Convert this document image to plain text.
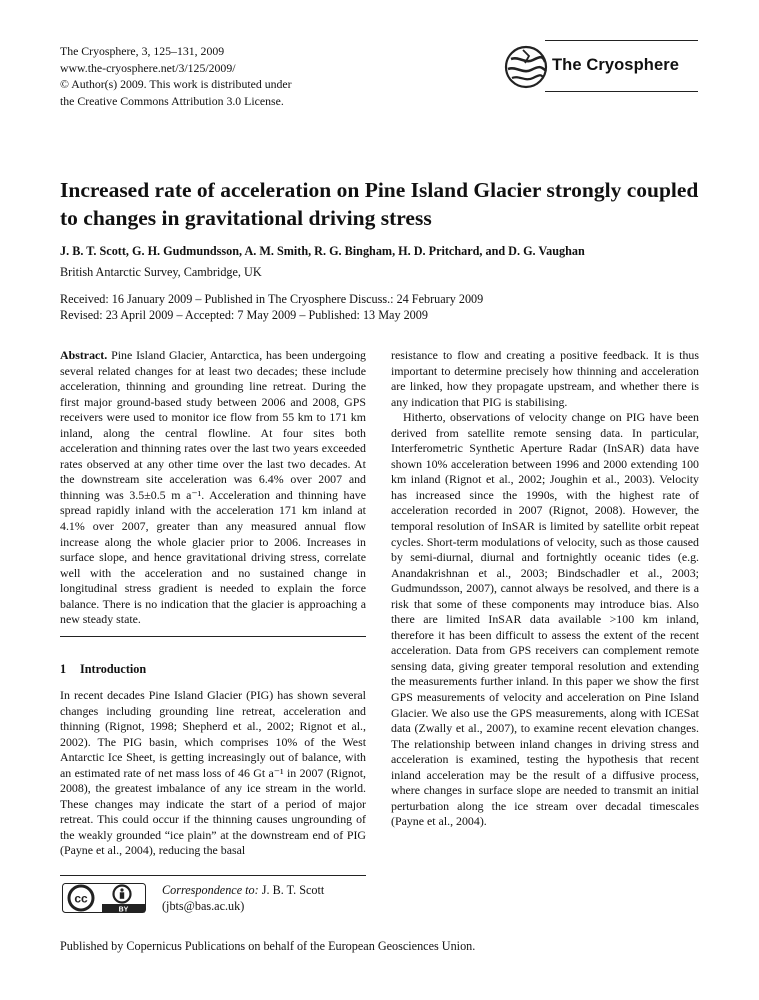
The Cryosphere, 3, 125–131, 2009
www.the-cryosphere.net/3/125/2009/
© Author(s) 2009. This work is distributed under
the Creative Commons Attribution 3.0 License.
The Cryosphere
Increased rate of acceleration on Pine Island Glacier strongly coupled to changes in gravitational driving stress
J. B. T. Scott, G. H. Gudmundsson, A. M. Smith, R. G. Bingham, H. D. Pritchard, and D. G. Vaughan
British Antarctic Survey, Cambridge, UK
Received: 16 January 2009 – Published in The Cryosphere Discuss.: 24 February 2009
Revised: 23 April 2009 – Accepted: 7 May 2009 – Published: 13 May 2009

Abstract. Pine Island Glacier, Antarctica, has been undergoing several related changes for at least two decades; these include acceleration, thinning and grounding line retreat. During the first major ground-based study between 2006 and 2008, GPS receivers were used to monitor ice flow from 55 km to 171 km inland, along the central flowline. At four sites both acceleration and thinning rates over the last two years exceeded rates observed at any other time over the last two decades. At the downstream site acceleration was 6.4% over 2007 and thinning was 3.5±0.5 m a⁻¹. Acceleration and thinning have spread rapidly inland with the acceleration 171 km inland at 4.1% over 2007, greater than any measured annual flow increase along the whole glacier prior to 2006. Increases in surface slope, and hence gravitational driving stress, correlate well with the acceleration and no sustained change in longitudinal stress gradient is needed to explain the force balance. There is no indication that the glacier is approaching a new steady state.

1 Introduction

In recent decades Pine Island Glacier (PIG) has shown several changes including grounding line retreat, acceleration and thinning (Rignot, 1998; Shepherd et al., 2002; Rignot et al., 2002). The PIG basin, which comprises 10% of the West Antarctic Ice Sheet, is getting increasingly out of balance, with an estimated rate of net mass loss of 46 Gt a⁻¹ in 2007 (Rignot, 2008), the greatest imbalance of any ice stream in the world. These changes may indicate the start of a period of major retreat. This could occur if the thinning causes ungrounding of the weakly grounded “ice plain” at the downstream end of PIG (Payne et al., 2004), reducing the basal

resistance to flow and creating a positive feedback. It is thus important to determine precisely how thinning and acceleration are linked, how they propagate upstream, and whether there is any indication that PIG is stabilising.

Hitherto, observations of velocity change on PIG have been derived from satellite remote sensing data. In particular, Interferometric Synthetic Aperture Radar (InSAR) data have shown 10% acceleration between 1996 and 2000 extending 100 km inland (Rignot et al., 2002; Joughin et al., 2003). Velocity has increased since the 1990s, with the highest rate of acceleration recorded in 2007 (Rignot, 2008). However, the temporal resolution of InSAR is limited by satellite orbit repeat cycles. Short-term modulations of velocity, such as those caused by semi-diurnal, diurnal and fortnightly oceanic tides (e.g. Anandakrishnan et al., 2003; Bindschadler et al., 2003; Gudmundsson, 2007), cannot always be resolved, and there is a risk that some of these components may introduce bias. Also there are limited InSAR data available >100 km inland, therefore it has been difficult to assess the extent of the recent acceleration. Data from GPS receivers can complement remote sensing data, giving greater temporal resolution and extending the measurements further inland. In this paper we show the first GPS measurements of velocity and acceleration on Pine Island Glacier. We also use the GPS measurements, along with ICESat data (Zwally et al., 2007), to examine recent elevation changes. The relationship between inland changes in driving stress and acceleration is examined, testing the hypothesis that recent inland acceleration may be the result of a diffusive process, where changes in surface slope are needed to transmit an initial perturbation along the ice stream over decadal timescales (Payne et al., 2004).

cc
BY
Correspondence to: J. B. T. Scott
(jbts@bas.ac.uk)
Published by Copernicus Publications on behalf of the European Geosciences Union.
